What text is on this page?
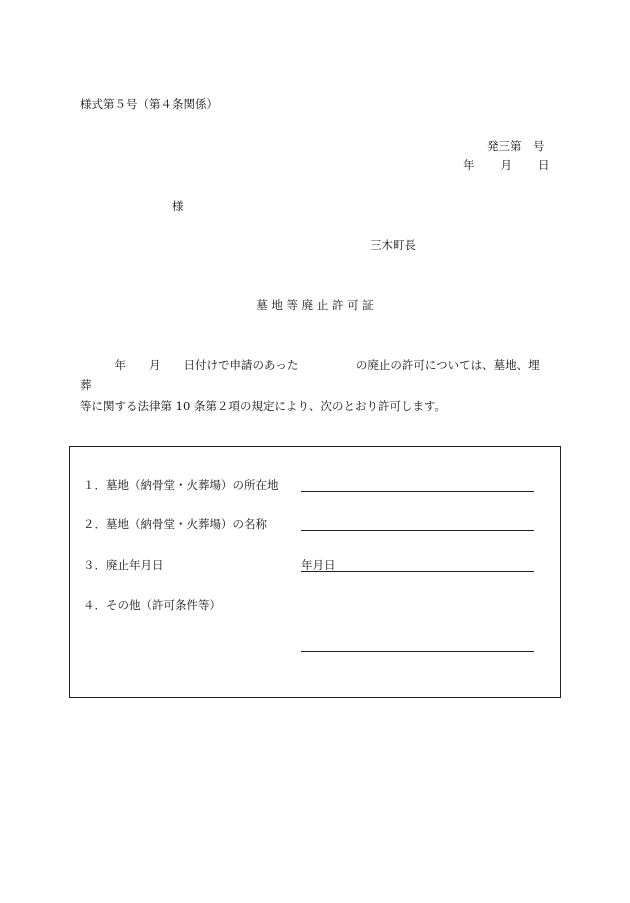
様式第５号（第４条関係）
発三第　号
年 月 日
様
三木町長
墓 地 等 廃 止 許 可 証
　　　年　　月　　日付けで申請のあった　　　　　の廃止の許可については、墓地、埋
葬
等に関する法律第 10 条第２項の規定により、次のとおり許可します。
１．墓地（納骨堂・火葬場）の所在地
２．墓地（納骨堂・火葬場）の名称
３．廃止年月日	年月日
４．その他（許可条件等）
